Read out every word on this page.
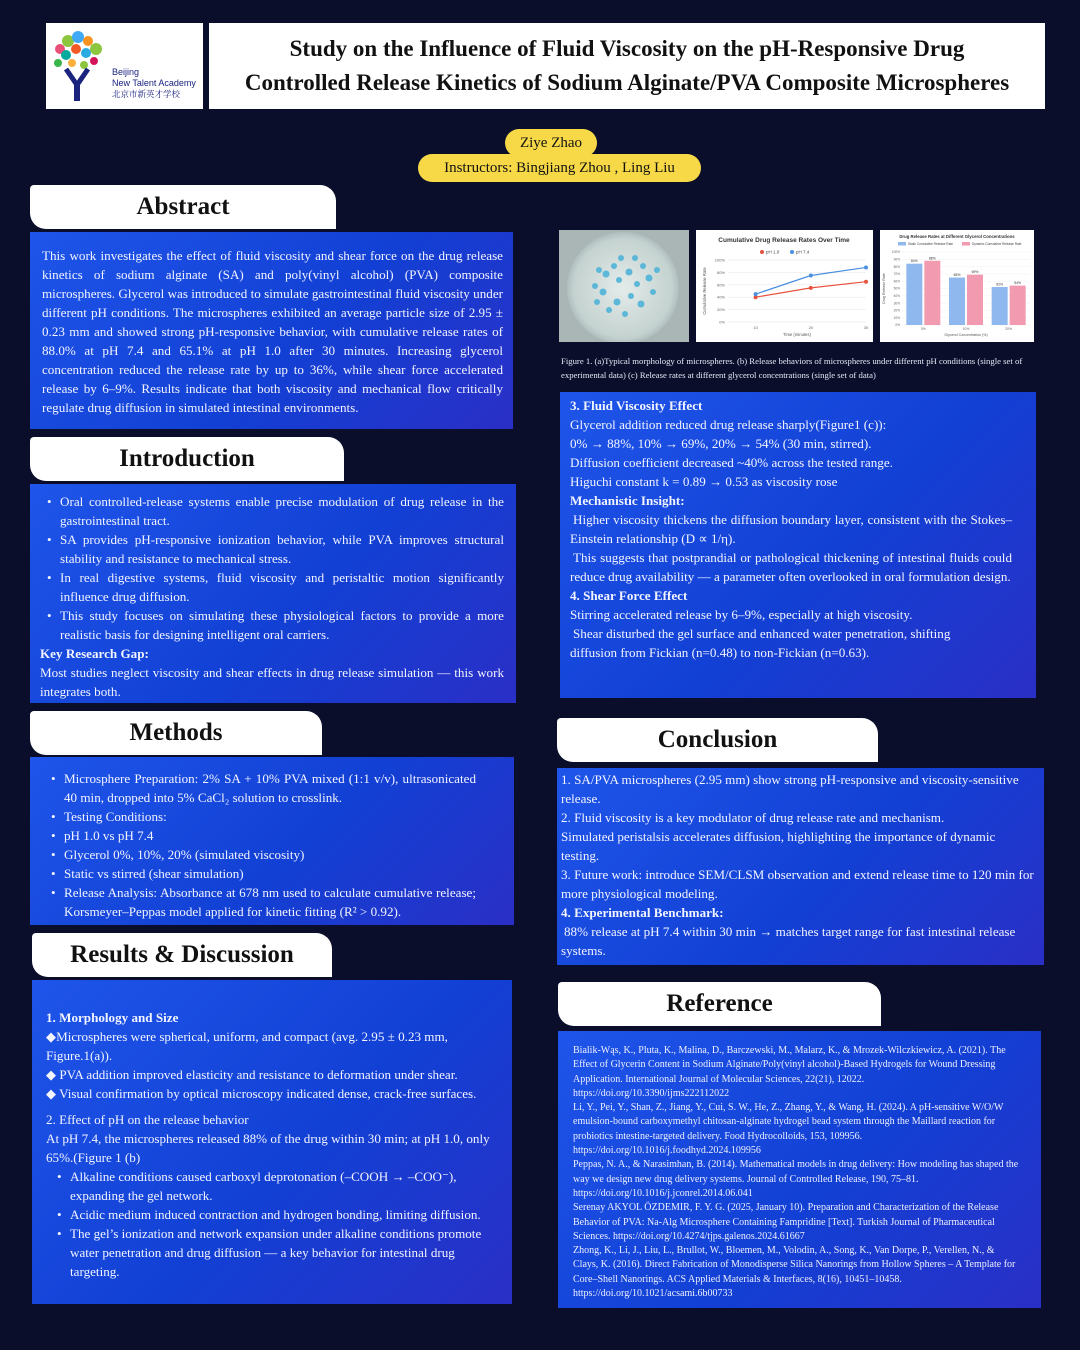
Beijing
New Talent Academy
北京市新英才学校
Study on the Influence of Fluid Viscosity on the pH-Responsive Drug
Controlled Release Kinetics of Sodium Alginate/PVA Composite Microspheres
Ziye Zhao
Instructors: Bingjiang Zhou , Ling Liu
Abstract

This work investigates the effect of fluid viscosity and shear force on the drug release kinetics of sodium alginate (SA) and poly(vinyl alcohol) (PVA) composite microspheres. Glycerol was introduced to simulate gastrointestinal fluid viscosity under different pH conditions. The microspheres exhibited an average particle size of 2.95 ± 0.23 mm and showed strong pH-responsive behavior, with cumulative release rates of 88.0% at pH 7.4 and 65.1% at pH 1.0 after 30 minutes. Increasing glycerol concentration reduced the release rate by up to 36%, while shear force accelerated release by 6–9%. Results indicate that both viscosity and mechanical flow critically regulate drug diffusion in simulated intestinal environments.

Introduction
• Oral controlled-release systems enable precise modulation of drug release in the gastrointestinal tract.
• SA provides pH-responsive ionization behavior, while PVA improves structural stability and resistance to mechanical stress.
• In real digestive systems, fluid viscosity and peristaltic motion significantly influence drug diffusion.
• This study focuses on simulating these physiological factors to provide a more realistic basis for designing intelligent oral carriers.

Key Research Gap:

Most studies neglect viscosity and shear effects in drug release simulation — this work integrates both.

Methods
• Microsphere Preparation: 2% SA + 10% PVA mixed (1:1 v/v), ultrasonicated 40 min, dropped into 5% CaCl₂ solution to crosslink.
• Testing Conditions:
• pH 1.0 vs pH 7.4
• Glycerol 0%, 10%, 20% (simulated viscosity)
• Static vs stirred (shear simulation)
• Release Analysis: Absorbance at 678 nm used to calculate cumulative release; Korsmeyer–Peppas model applied for kinetic fitting (R² > 0.92).
Results & Discussion

1. Morphology and Size

◆Microspheres were spherical, uniform, and compact (avg. 2.95 ± 0.23 mm, Figure.1(a)).

◆ PVA addition improved elasticity and resistance to deformation under shear.

◆ Visual confirmation by optical microscopy indicated dense, crack-free surfaces.

2. Effect of pH on the release behavior

At pH 7.4, the microspheres released 88% of the drug within 30 min; at pH 1.0, only 65%.(Figure 1 (b)

• Alkaline conditions caused carboxyl deprotonation (–COOH → –COO⁻), expanding the gel network.
• Acidic medium induced contraction and hydrogen bonding, limiting diffusion.
• The gel’s ionization and network expansion under alkaline conditions promote water penetration and drug diffusion — a key behavior for intestinal drug targeting.
Cumulative Drug Release Rates Over Time
100%
80%
60%
40%
20%
0%
10	20	30
Time (minutes)
Cumulative Release Rate
pH 1.0	pH 7.4
Drug Release Rates at Different Glycerol Concentrations
100%
90%
80%
70%
60%
50%
40%
30%
20%
10%
0%
Static Cumulative Release Rate	Dynamic Cumulative Release Rate
84%
88%
0%
65%
69%
10%
52%	54%
20%
Glycerol Concentration (%)
Drug Release Rate
Figure 1. (a)Typical morphology of microspheres. (b) Release behaviors of microspheres under different pH conditions (single set of experimental data) (c) Release rates at different glycerol concentrations (single set of data)

3. Fluid Viscosity Effect

Glycerol addition reduced drug release sharply(Figure1 (c)):

0% → 88%, 10% → 69%, 20% → 54% (30 min, stirred).

Diffusion coefficient decreased ~40% across the tested range.

Higuchi constant k = 0.89 → 0.53 as viscosity rose

Mechanistic Insight:

Higher viscosity thickens the diffusion boundary layer, consistent with the Stokes–Einstein relationship (D ∝ 1/η).

This suggests that postprandial or pathological thickening of intestinal fluids could reduce drug availability — a parameter often overlooked in oral formulation design.

4. Shear Force Effect

Stirring accelerated release by 6–9%, especially at high viscosity.

Shear disturbed the gel surface and enhanced water penetration, shifting diffusion from Fickian (n=0.48) to non-Fickian (n=0.63).

Conclusion

1. SA/PVA microspheres (2.95 mm) show strong pH-responsive and viscosity-sensitive release.

2. Fluid viscosity is a key modulator of drug release rate and mechanism.

Simulated peristalsis accelerates diffusion, highlighting the importance of dynamic testing.

3. Future work: introduce SEM/CLSM observation and extend release time to 120 min for more physiological modeling.

4. Experimental Benchmark:

88% release at pH 7.4 within 30 min → matches target range for fast intestinal release systems.

Reference

Bialik-Wąs, K., Pluta, K., Malina, D., Barczewski, M., Malarz, K., & Mrozek-Wilczkiewicz, A. (2021). The Effect of Glycerin Content in Sodium Alginate/Poly(vinyl alcohol)-Based Hydrogels for Wound Dressing Application. International Journal of Molecular Sciences, 22(21), 12022. https://doi.org/10.3390/ijms222112022

Li, Y., Pei, Y., Shan, Z., Jiang, Y., Cui, S. W., He, Z., Zhang, Y., & Wang, H. (2024). A pH-sensitive W/O/W emulsion-bound carboxymethyl chitosan-alginate hydrogel bead system through the Maillard reaction for probiotics intestine-targeted delivery. Food Hydrocolloids, 153, 109956. https://doi.org/10.1016/j.foodhyd.2024.109956

Peppas, N. A., & Narasimhan, B. (2014). Mathematical models in drug delivery: How modeling has shaped the way we design new drug delivery systems. Journal of Controlled Release, 190, 75–81. https://doi.org/10.1016/j.jconrel.2014.06.041

Serenay AKYOL ÖZDEMIR, F. Y. G. (2025, January 10). Preparation and Characterization of the Release Behavior of PVA: Na-Alg Microsphere Containing Fampridine [Text]. Turkish Journal of Pharmaceutical Sciences. https://doi.org/10.4274/tjps.galenos.2024.61667

Zhong, K., Li, J., Liu, L., Brullot, W., Bloemen, M., Volodin, A., Song, K., Van Dorpe, P., Verellen, N., & Clays, K. (2016). Direct Fabrication of Monodisperse Silica Nanorings from Hollow Spheres – A Template for Core–Shell Nanorings. ACS Applied Materials & Interfaces, 8(16), 10451–10458. https://doi.org/10.1021/acsami.6b00733
